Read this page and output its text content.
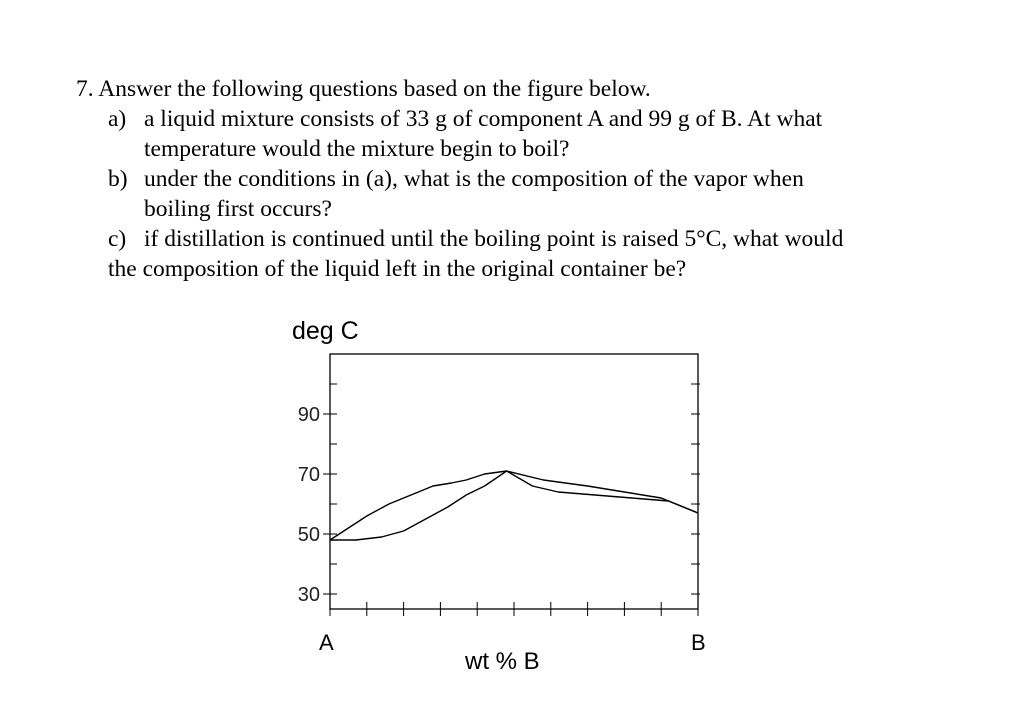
7. Answer the following questions based on the figure below.
a) a liquid mixture consists of 33 g of component A and 99 g of B. At what
temperature would the mixture begin to boil?
b) under the conditions in (a), what is the composition of the vapor when
boiling first occurs?
c) if distillation is continued until the boiling point is raised 5°C, what would
the composition of the liquid left in the original container be?
deg C
wt % B
A	B
90
70
50
30
